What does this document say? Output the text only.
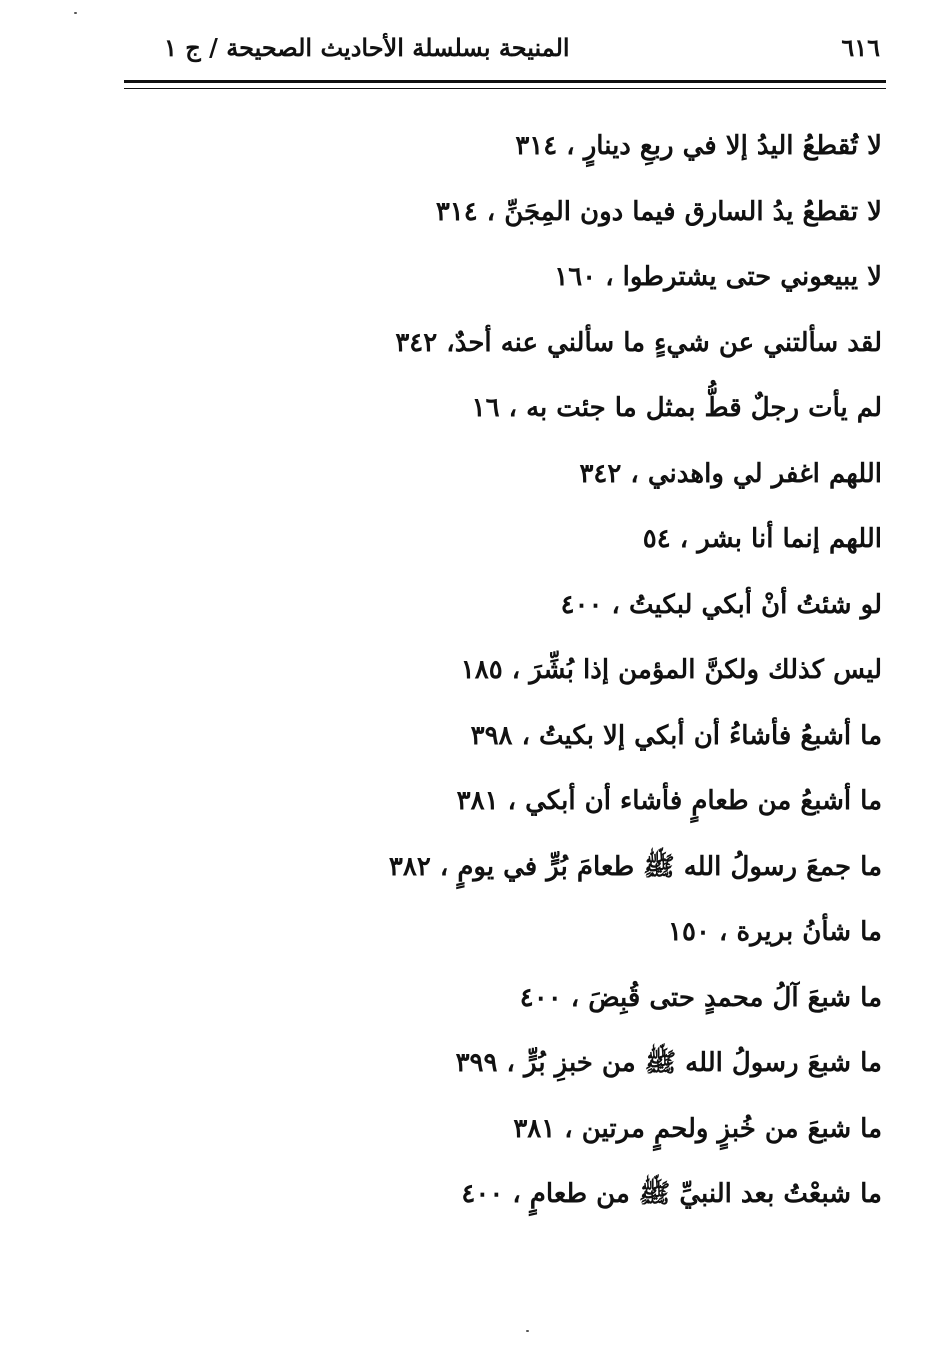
٦١٦
المنيحة بسلسلة الأحاديث الصحيحة / ج ١
لا تُقطعُ اليدُ إلا في ربعِ دينارٍ ، ٣١٤
لا تقطعُ يدُ السارق فيما دون المِجَنِّ ، ٣١٤
لا يبيعوني حتى يشترطوا ، ١٦٠
لقد سألتني عن شيءٍ ما سألني عنه أحدٌ، ٣٤٢
لم يأت رجلٌ قطُّ بمثل ما جئت به ، ١٦
اللهم اغفر لي واهدني ، ٣٤٢
اللهم إنما أنا بشر ، ٥٤
لو شئتُ أنْ أبكي لبكيتُ ، ٤٠٠
ليس كذلك ولكنَّ المؤمن إذا بُشِّرَ ، ١٨٥
ما أشبعُ فأشاءُ أن أبكي إلا بكيتُ ، ٣٩٨
ما أشبعُ من طعامٍ فأشاء أن أبكي ، ٣٨١
ما جمعَ رسولُ الله ﷺ طعامَ بُرٍّ في يومٍ ، ٣٨٢
ما شأنُ بريرة ، ١٥٠
ما شبعَ آلُ محمدٍ حتى قُبِضَ ، ٤٠٠
ما شبعَ رسولُ الله ﷺ من خبزِ بُرٍّ ، ٣٩٩
ما شبعَ من خُبزٍ ولحمٍ مرتين ، ٣٨١
ما شبعْتُ بعد النبيِّ ﷺ من طعامٍ ، ٤٠٠
